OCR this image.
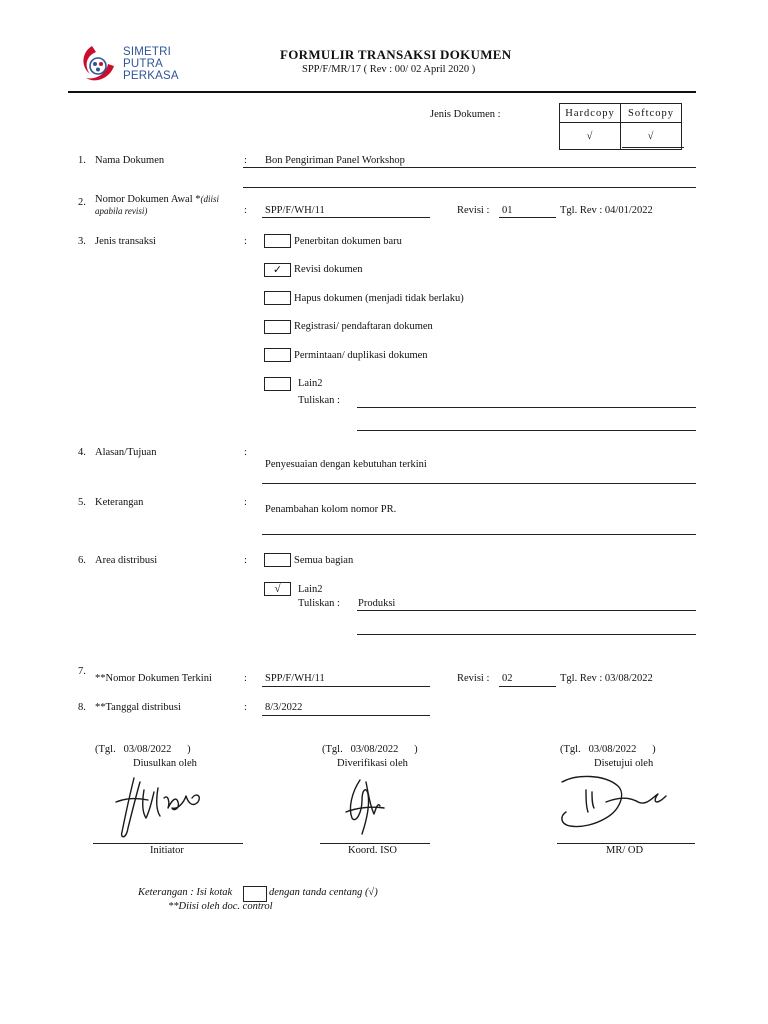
SIMETRI
PUTRA
PERKASA
FORMULIR TRANSAKSI DOKUMEN
SPP/F/MR/17 ( Rev : 00/ 02 April 2020 )
Jenis Dokumen :	Hardcopy	Softcopy
√	√
1. Nama Dokumen	: Bon Pengiriman Panel Workshop
2. Nomor Dokumen Awal *(diisi
apabila revisi)	: SPP/F/WH/11	Revisi : 01	Tgl. Rev : 04/01/2022
3. Jenis transaksi	:	Penerbitan dokumen baru
✓	Revisi dokumen
Hapus dokumen (menjadi tidak berlaku)
Registrasi/ pendaftaran dokumen
Permintaan/ duplikasi dokumen
Lain2
Tuliskan :
4. Alasan/Tujuan	:
Penyesuaian dengan kebutuhan terkini
5. Keterangan	:
Penambahan kolom nomor PR.
6. Area distribusi	:	Semua bagian
√	Lain2
Tuliskan : Produksi
7.
**Nomor Dokumen Terkini	: SPP/F/WH/11	Revisi : 02	Tgl. Rev : 03/08/2022
8. **Tanggal distribusi	: 8/3/2022
(Tgl.   03/08/2022      )
Diusulkan oleh
Initiator
(Tgl.   03/08/2022      )
Diverifikasi oleh
Koord. ISO
(Tgl.   03/08/2022      )
Disetujui oleh
MR/ OD
Keterangan : Isi kotak	dengan tanda centang (√)
**Diisi oleh doc. control
